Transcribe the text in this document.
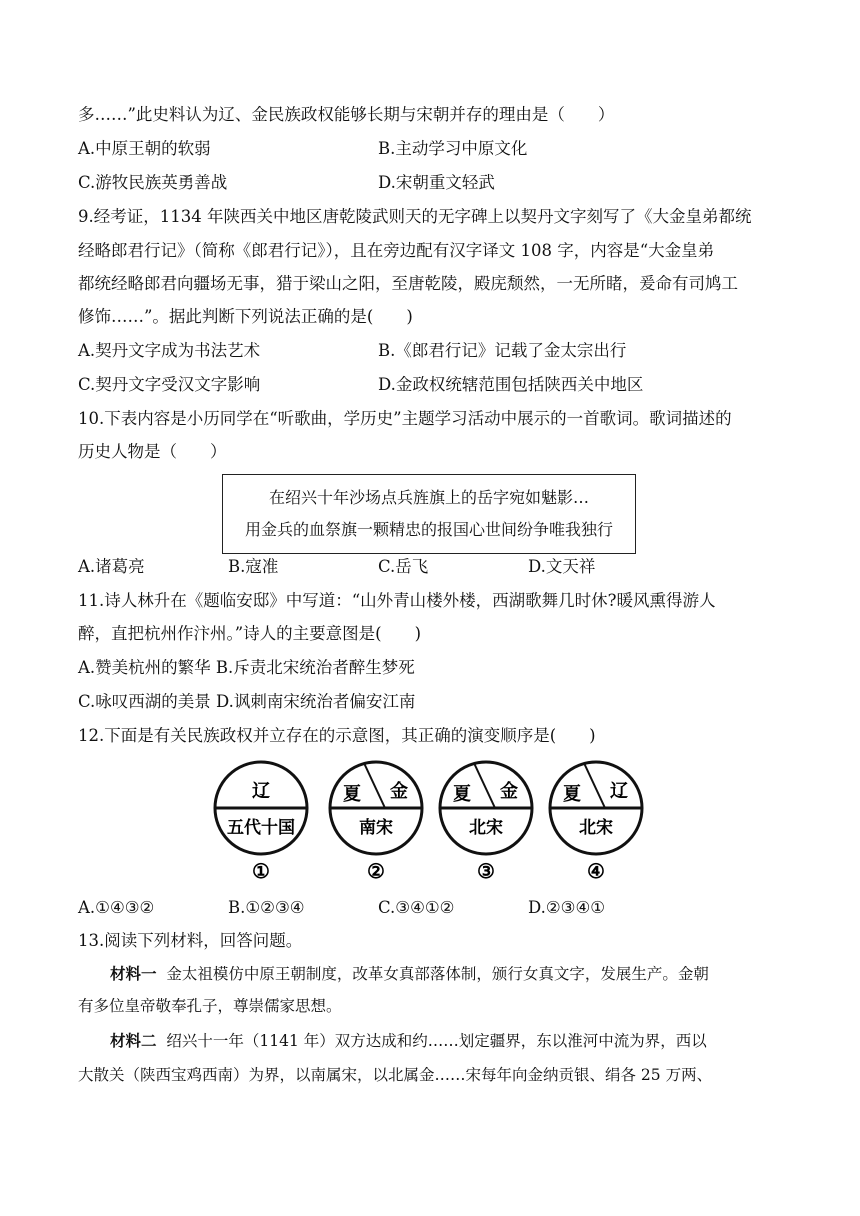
多……”此史料认为辽、金民族政权能够长期与宋朝并存的理由是（　　）
A.中原王朝的软弱	B.主动学习中原文化
C.游牧民族英勇善战	D.宋朝重文轻武
9.经考证，1134 年陕西关中地区唐乾陵武则天的无字碑上以契丹文字刻写了《大金皇弟都统
经略郎君行记》（简称《郎君行记》），且在旁边配有汉字译文 108 字，内容是“大金皇弟
都统经略郎君向疆场无事，猎于梁山之阳，至唐乾陵，殿庑颓然，一无所睹，爰命有司鸠工
修饰……”。据此判断下列说法正确的是(　　)
A.契丹文字成为书法艺术	B.《郎君行记》记载了金太宗出行
C.契丹文字受汉文字影响	D.金政权统辖范围包括陕西关中地区
10.下表内容是小历同学在“听歌曲，学历史”主题学习活动中展示的一首歌词。歌词描述的
历史人物是（　　）
在绍兴十年沙场点兵旌旗上的岳字宛如魅影…
用金兵的血祭旗一颗精忠的报国心世间纷争唯我独行
A.诸葛亮	B.寇准	C.岳飞	D.文天祥
11.诗人林升在《题临安邸》中写道：“山外青山楼外楼，西湖歌舞几时休?暖风熏得游人
醉，直把杭州作汴州。”诗人的主要意图是(　　)
A.赞美杭州的繁华 B.斥责北宋统治者醉生梦死
C.咏叹西湖的美景 D.讽刺南宋统治者偏安江南
12.下面是有关民族政权并立存在的示意图，其正确的演变顺序是(　　)
辽
五代十国
①
夏 金
南宋
②
夏 金
北宋
③
夏 辽
北宋
④
A.①④③②	B.①②③④	C.③④①②	D.②③④①
13.阅读下列材料，回答问题。
材料一 金太祖模仿中原王朝制度，改革女真部落体制，颁行女真文字，发展生产。金朝
有多位皇帝敬奉孔子，尊崇儒家思想。
材料二 绍兴十一年（1141 年）双方达成和约……划定疆界，东以淮河中流为界，西以
大散关（陕西宝鸡西南）为界，以南属宋，以北属金……宋每年向金纳贡银、绢各 25 万两、
